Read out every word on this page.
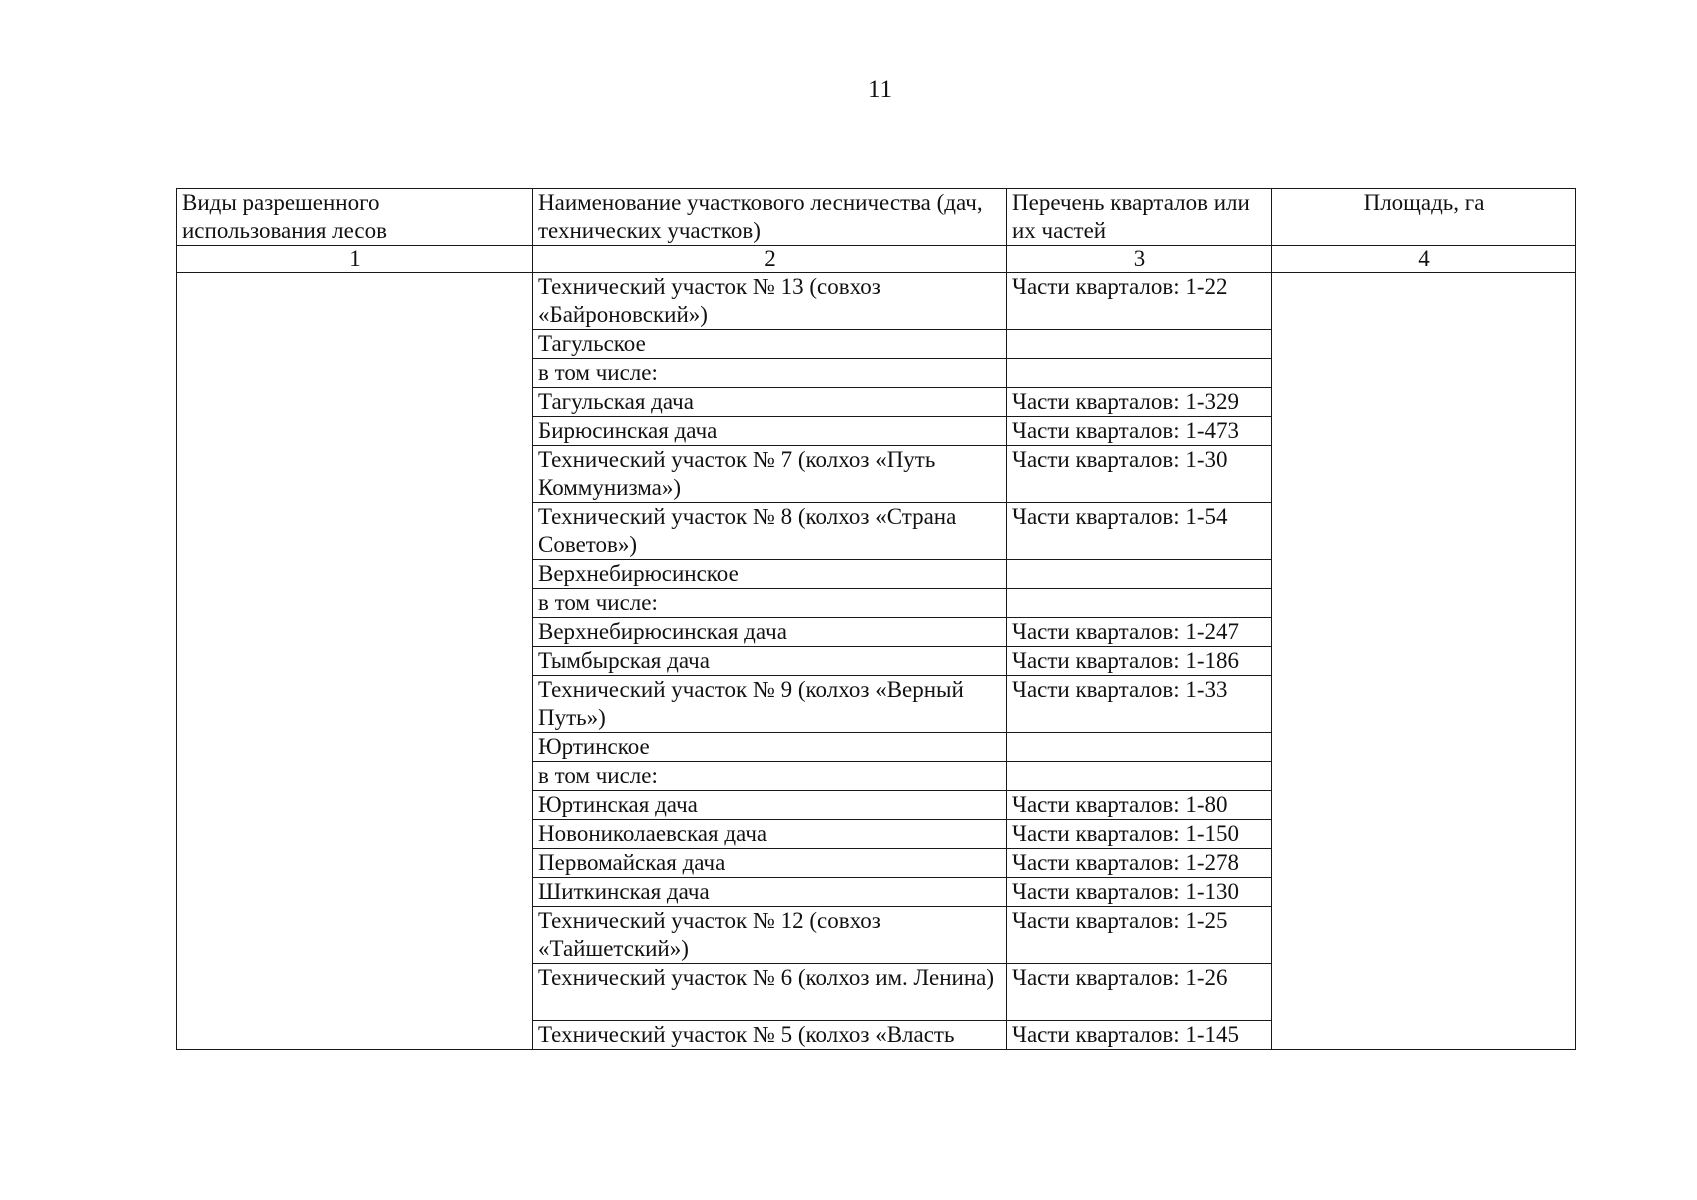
11
Виды разрешенного использования лесов	Наименование участкового лесничества (дач, технических участков)	Перечень кварталов или их частей	Площадь, га
1	2	3	4
	Технический участок № 13 (совхоз «Байроновский»)	Части кварталов: 1-22	
	Тагульское		
	в том числе:		
	Тагульская дача	Части кварталов: 1-329	
	Бирюсинская дача	Части кварталов: 1-473	
	Технический участок № 7 (колхоз «Путь Коммунизма»)	Части кварталов: 1-30	
	Технический участок № 8 (колхоз «Страна Советов»)	Части кварталов: 1-54	
	Верхнебирюсинское		
	в том числе:		
	Верхнебирюсинская дача	Части кварталов: 1-247	
	Тымбырская дача	Части кварталов: 1-186	
	Технический участок № 9 (колхоз «Верный Путь»)	Части кварталов: 1-33	
	Юртинское		
	в том числе:		
	Юртинская дача	Части кварталов: 1-80	
	Новониколаевская дача	Части кварталов: 1-150	
	Первомайская дача	Части кварталов: 1-278	
	Шиткинская дача	Части кварталов: 1-130	
	Технический участок № 12 (совхоз «Тайшетский»)	Части кварталов: 1-25	
	Технический участок № 6 (колхоз им. Ленина)	Части кварталов: 1-26	
	Технический участок № 5 (колхоз «Власть	Части кварталов: 1-145	
